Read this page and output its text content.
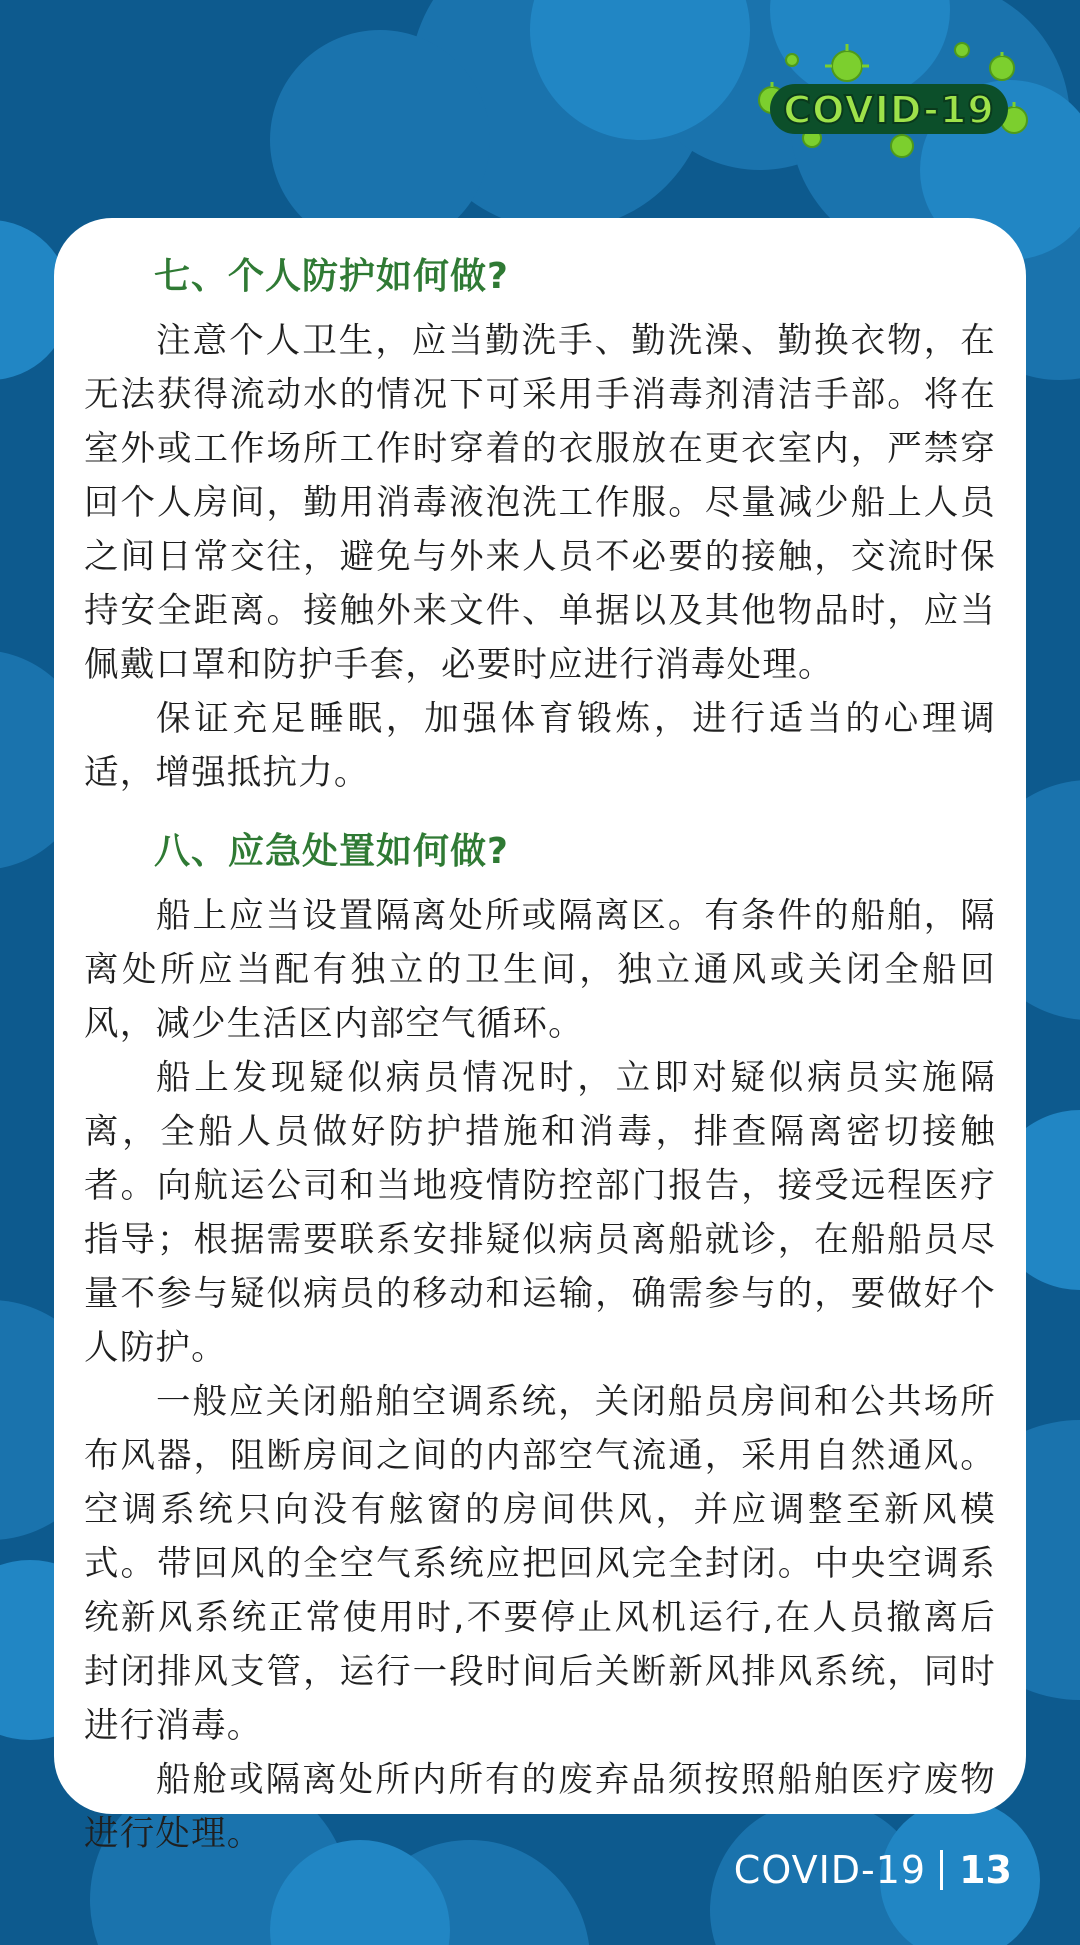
COVID-19
七、个人防护如何做?

注意个人卫生，应当勤洗手、勤洗澡、勤换衣物，在无法获得流动水的情况下可采用手消毒剂清洁手部。将在室外或工作场所工作时穿着的衣服放在更衣室内，严禁穿回个人房间，勤用消毒液泡洗工作服。尽量减少船上人员之间日常交往，避免与外来人员不必要的接触，交流时保持安全距离。接触外来文件、单据以及其他物品时，应当佩戴口罩和防护手套，必要时应进行消毒处理。

保证充足睡眠，加强体育锻炼，进行适当的心理调适，增强抵抗力。

八、应急处置如何做?

船上应当设置隔离处所或隔离区。有条件的船舶，隔离处所应当配有独立的卫生间，独立通风或关闭全船回风，减少生活区内部空气循环。

船上发现疑似病员情况时，立即对疑似病员实施隔离，全船人员做好防护措施和消毒，排查隔离密切接触者。向航运公司和当地疫情防控部门报告，接受远程医疗指导；根据需要联系安排疑似病员离船就诊，在船船员尽量不参与疑似病员的移动和运输，确需参与的，要做好个人防护。

一般应关闭船舶空调系统，关闭船员房间和公共场所布风器，阻断房间之间的内部空气流通，采用自然通风。空调系统只向没有舷窗的房间供风，并应调整至新风模式。带回风的全空气系统应把回风完全封闭。中央空调系统新风系统正常使用时,不要停止风机运行,在人员撤离后封闭排风支管，运行一段时间后关断新风排风系统，同时进行消毒。

船舱或隔离处所内所有的废弃品须按照船舶医疗废物进行处理。

COVID-19 13
